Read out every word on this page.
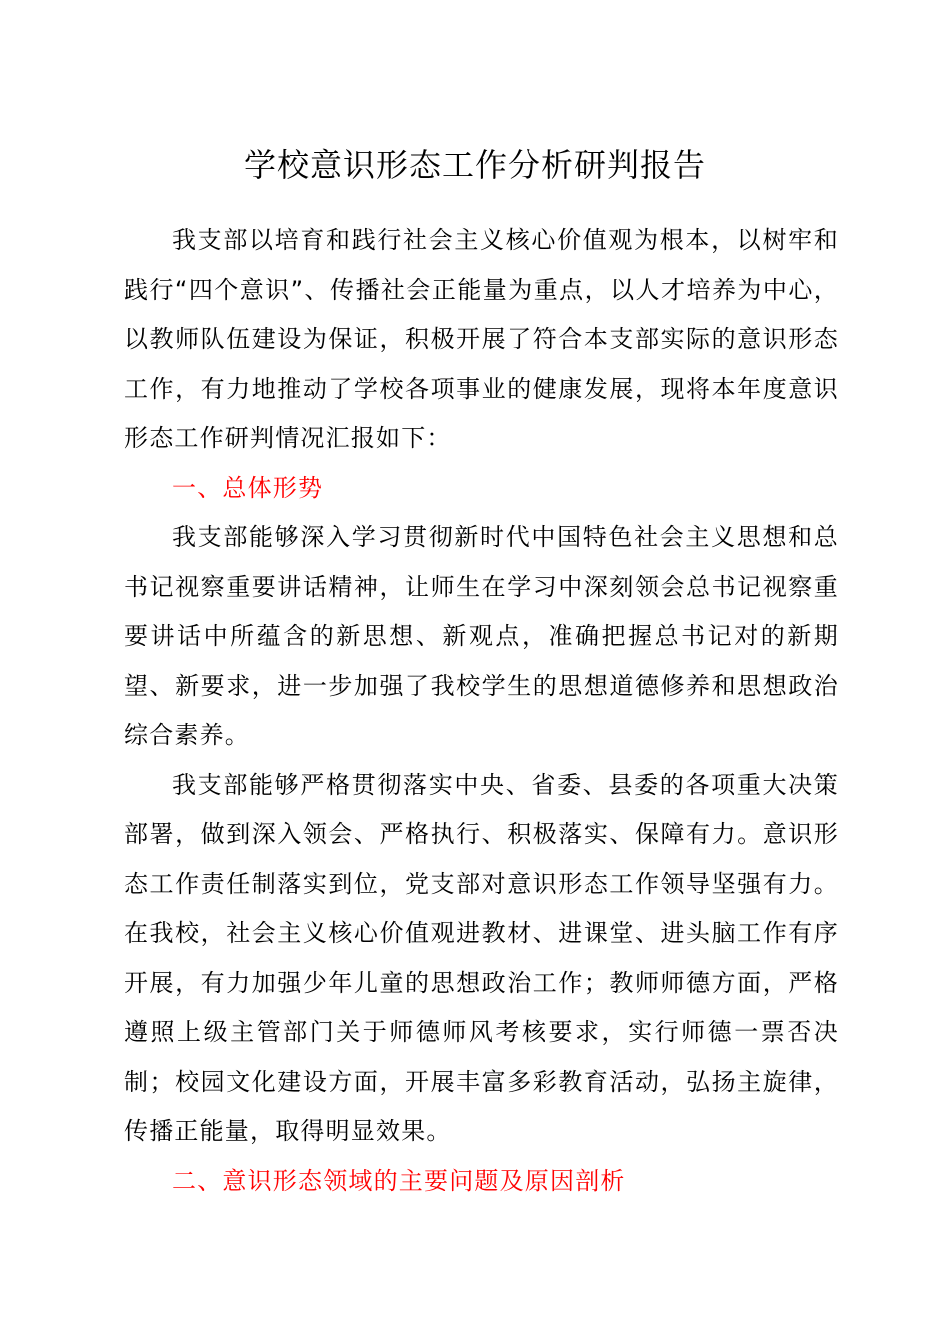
学校意识形态工作分析研判报告

我支部以培育和践行社会主义核心价值观为根本，以树牢和践行“四个意识”、传播社会正能量为重点，以人才培养为中心，以教师队伍建设为保证，积极开展了符合本支部实际的意识形态工作，有力地推动了学校各项事业的健康发展，现将本年度意识形态工作研判情况汇报如下：

一、总体形势

我支部能够深入学习贯彻新时代中国特色社会主义思想和总书记视察重要讲话精神，让师生在学习中深刻领会总书记视察重要讲话中所蕴含的新思想、新观点，准确把握总书记对的新期望、新要求，进一步加强了我校学生的思想道德修养和思想政治综合素养。

我支部能够严格贯彻落实中央、省委、县委的各项重大决策部署，做到深入领会、严格执行、积极落实、保障有力。意识形态工作责任制落实到位，党支部对意识形态工作领导坚强有力。在我校，社会主义核心价值观进教材、进课堂、进头脑工作有序开展，有力加强少年儿童的思想政治工作；教师师德方面，严格遵照上级主管部门关于师德师风考核要求，实行师德一票否决制；校园文化建设方面，开展丰富多彩教育活动，弘扬主旋律，传播正能量，取得明显效果。

二、意识形态领域的主要问题及原因剖析
